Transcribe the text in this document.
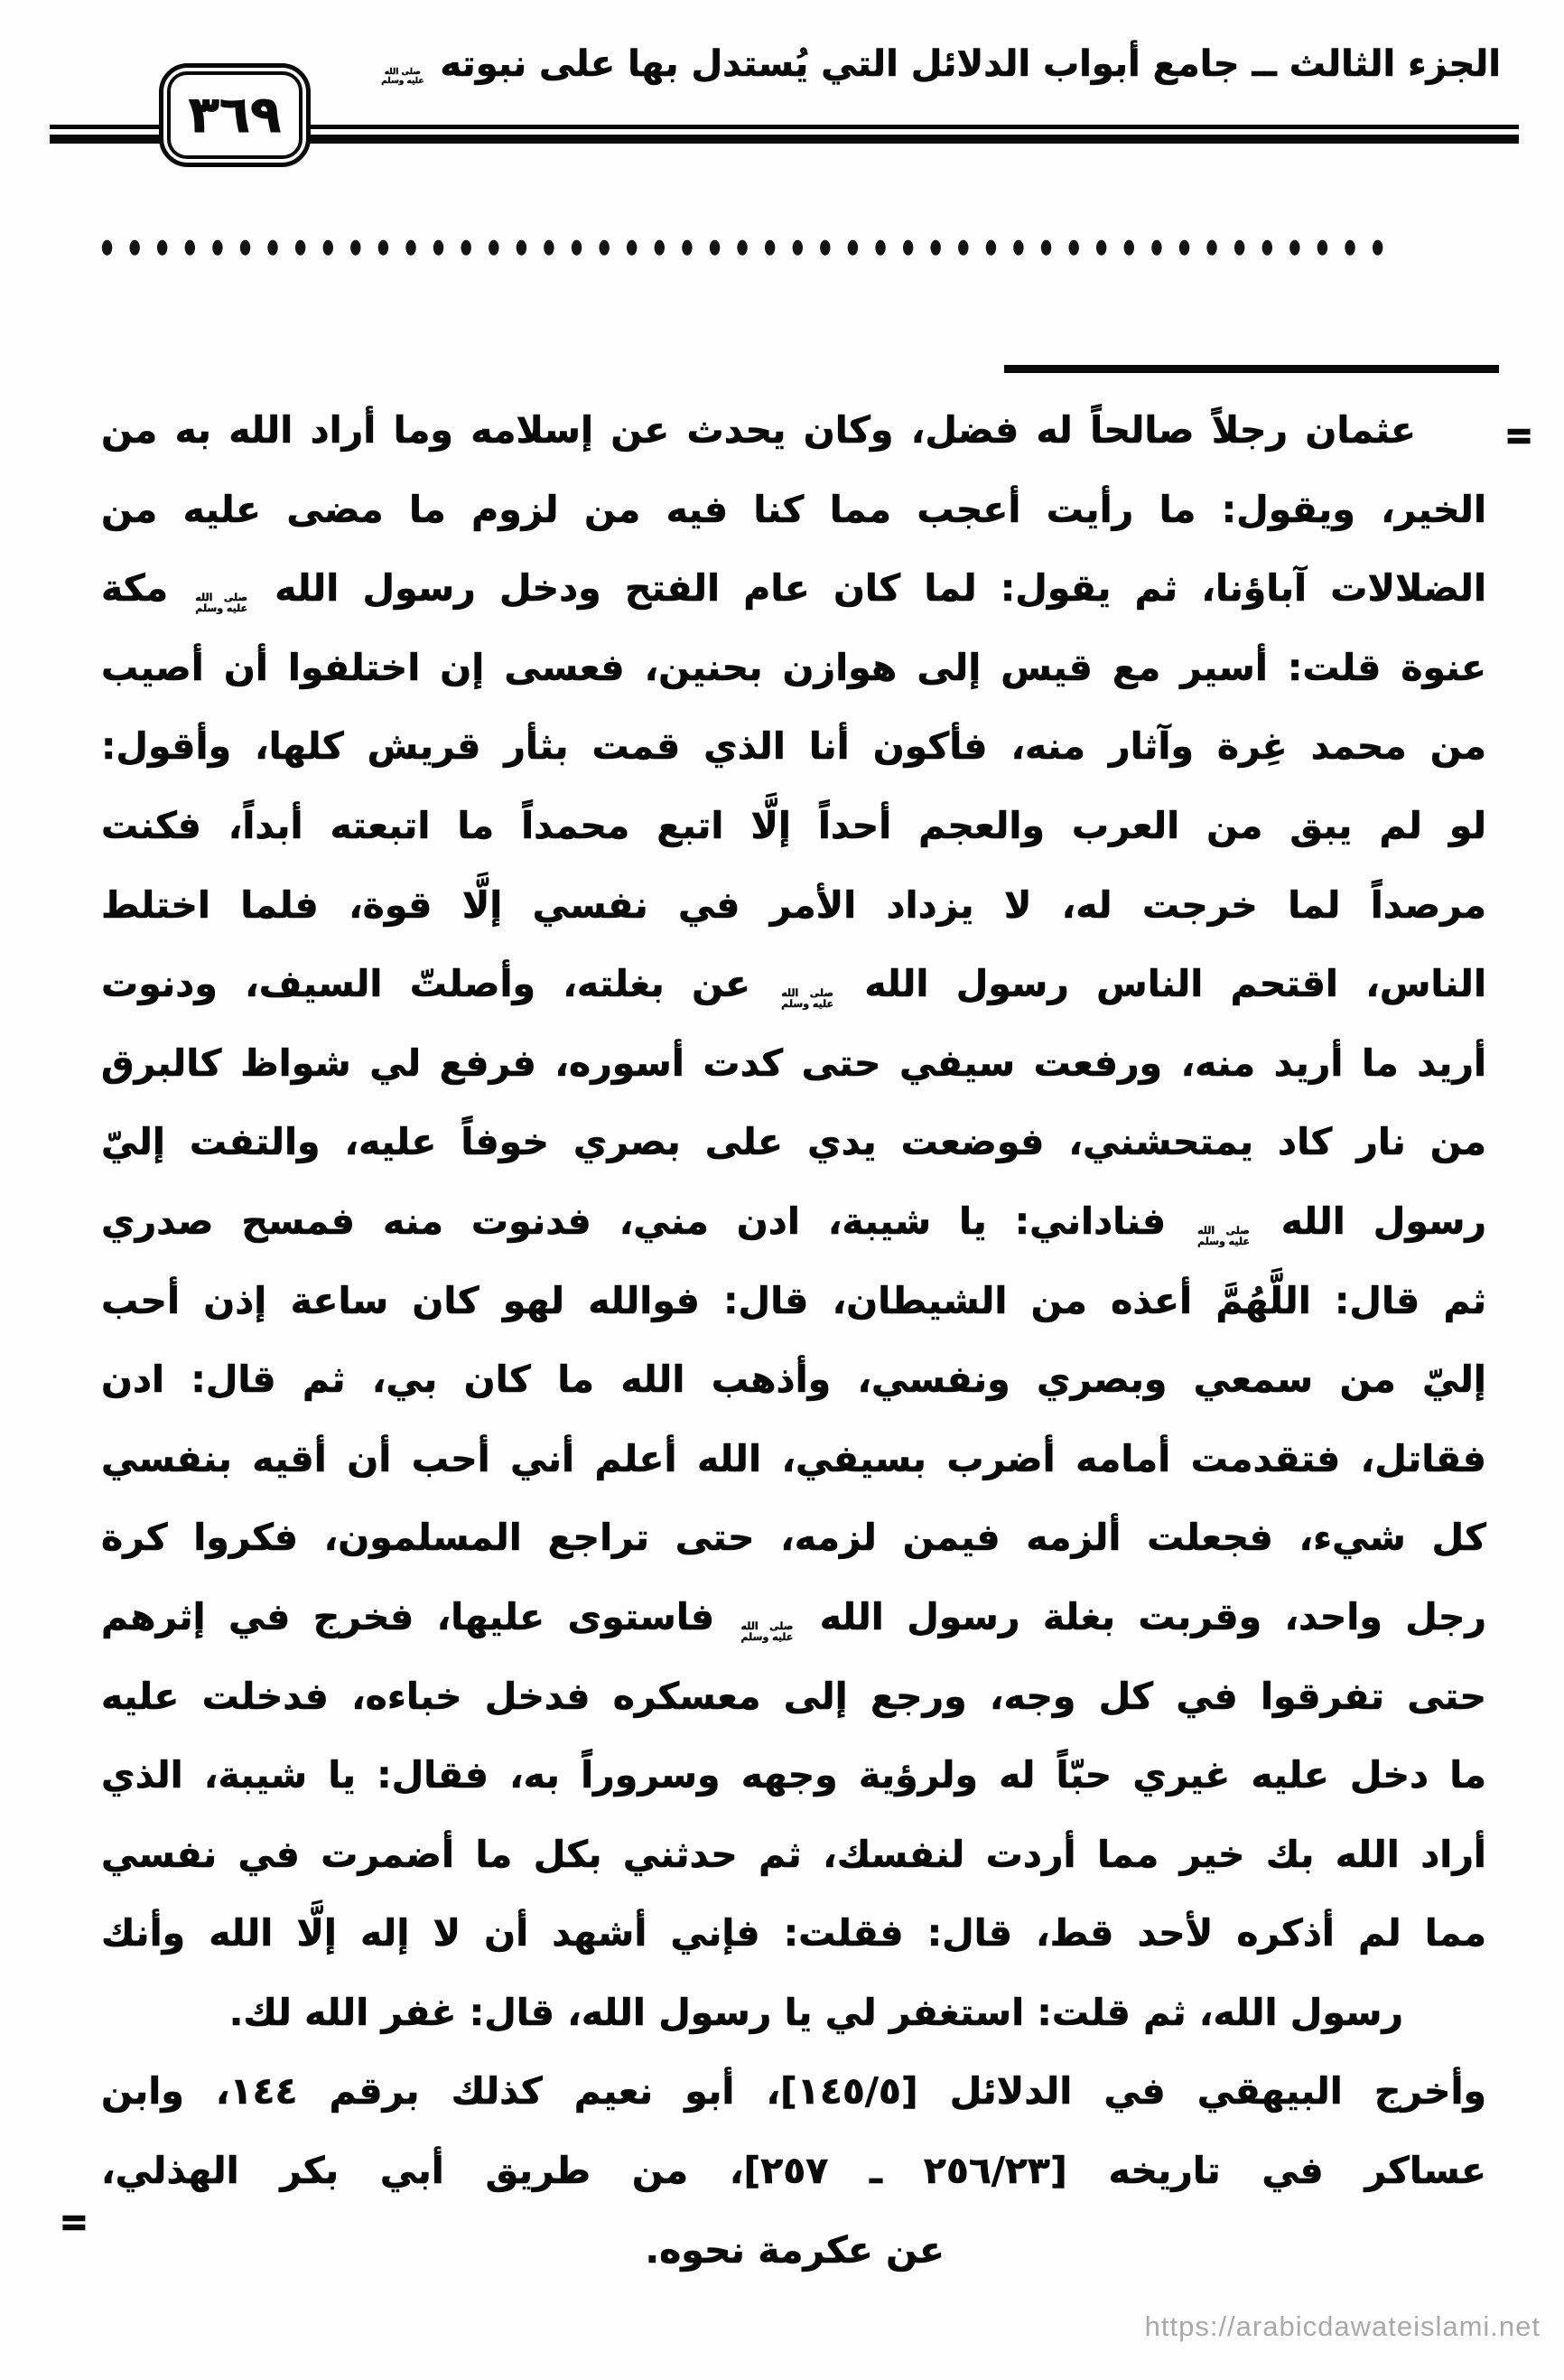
الجزء الثالث ــ جامع أبواب الدلائل التي يُستدل بها على نبوته صلى الله
عليه وسلم
٣٦٩
●●●●●●●●●●●●●●●●●●●●●●●●●●●●●●●●●●●●●●●●●●●●●●●
=
=
عثمان رجلاً صالحاً له فضل، وكان يحدث عن إسلامه وما أراد الله به من
الخير، ويقول: ما رأيت أعجب مما كنا فيه من لزوم ما مضى عليه من
الضلالات آباؤنا، ثم يقول: لما كان عام الفتح ودخل رسول الله صلى الله
عليه وسلم مكة
عنوة قلت: أسير مع قيس إلى هوازن بحنين، فعسى إن اختلفوا أن أصيب
من محمد غِرة وآثار منه، فأكون أنا الذي قمت بثأر قريش كلها، وأقول:
لو لم يبق من العرب والعجم أحداً إلَّا اتبع محمداً ما اتبعته أبداً، فكنت
مرصداً لما خرجت له، لا يزداد الأمر في نفسي إلَّا قوة، فلما اختلط
الناس، اقتحم الناس رسول الله صلى الله
عليه وسلم عن بغلته، وأصلتّ السيف، ودنوت
أريد ما أريد منه، ورفعت سيفي حتى كدت أسوره، فرفع لي شواظ كالبرق
من نار كاد يمتحشني، فوضعت يدي على بصري خوفاً عليه، والتفت إليّ
رسول الله صلى الله
عليه وسلم فناداني: يا شيبة، ادن مني، فدنوت منه فمسح صدري
ثم قال: اللَّهُمَّ أعذه من الشيطان، قال: فوالله لهو كان ساعة إذن أحب
إليّ من سمعي وبصري ونفسي، وأذهب الله ما كان بي، ثم قال: ادن
فقاتل، فتقدمت أمامه أضرب بسيفي، الله أعلم أني أحب أن أقيه بنفسي
كل شيء، فجعلت ألزمه فيمن لزمه، حتى تراجع المسلمون، فكروا كرة
رجل واحد، وقربت بغلة رسول الله صلى الله
عليه وسلم فاستوى عليها، فخرج في إثرهم
حتى تفرقوا في كل وجه، ورجع إلى معسكره فدخل خباءه، فدخلت عليه
ما دخل عليه غيري حبّاً له ولرؤية وجهه وسروراً به، فقال: يا شيبة، الذي
أراد الله بك خير مما أردت لنفسك، ثم حدثني بكل ما أضمرت في نفسي
مما لم أذكره لأحد قط، قال: فقلت: فإني أشهد أن لا إله إلَّا الله وأنك
رسول الله، ثم قلت: استغفر لي يا رسول الله، قال: غفر الله لك.
وأخرج البيهقي في الدلائل [٥‏/‏١٤٥]، أبو نعيم كذلك برقم ١٤٤، وابن
عساكر في تاريخه [٢٣‏/‏٢٥٦ ـ ٢٥٧]، من طريق أبي بكر الهذلي،
عن عكرمة نحوه.
https://arabicdawateislami.net
